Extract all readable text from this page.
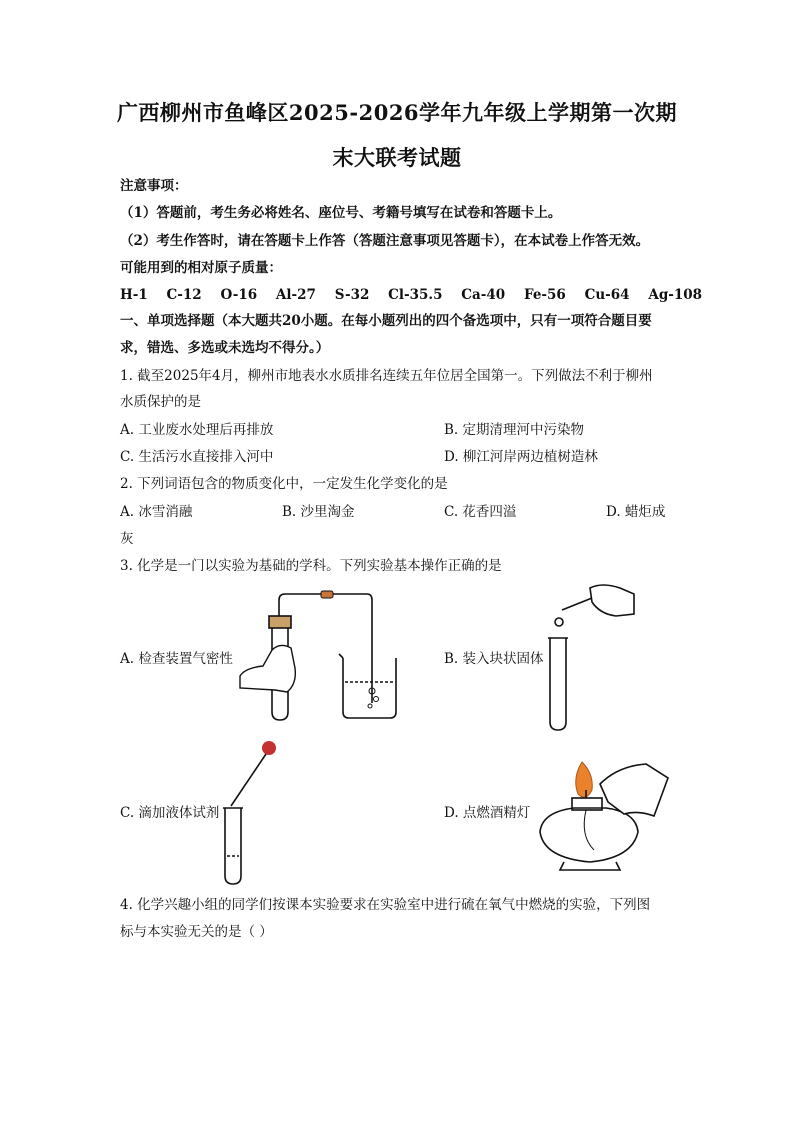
广西柳州市鱼峰区2025-2026学年九年级上学期第一次期
末大联考试题
注意事项：
（1）答题前，考生务必将姓名、座位号、考籍号填写在试卷和答题卡上。
（2）考生作答时，请在答题卡上作答（答题注意事项见答题卡），在本试卷上作答无效。
可能用到的相对原子质量：
H-1    C-12    O-16    Al-27    S-32    Cl-35.5    Ca-40    Fe-56    Cu-64    Ag-108
一、单项选择题（本大题共20小题。在每小题列出的四个备选项中，只有一项符合题目要
求，错选、多选或未选均不得分。）
1. 截至2025年4月，柳州市地表水水质排名连续五年位居全国第一。下列做法不利于柳州
水质保护的是
A. 工业废水处理后再排放	B. 定期清理河中污染物
C. 生活污水直接排入河中	D. 柳江河岸两边植树造林
2. 下列词语包含的物质变化中，一定发生化学变化的是
A. 冰雪消融	B. 沙里淘金	C. 花香四溢	D. 蜡炬成
灰
3. 化学是一门以实验为基础的学科。下列实验基本操作正确的是
A. 检查装置气密性	B. 装入块状固体
C. 滴加液体试剂	D. 点燃酒精灯
4. 化学兴趣小组的同学们按课本实验要求在实验室中进行硫在氧气中燃烧的实验，下列图
标与本实验无关的是（ ）
